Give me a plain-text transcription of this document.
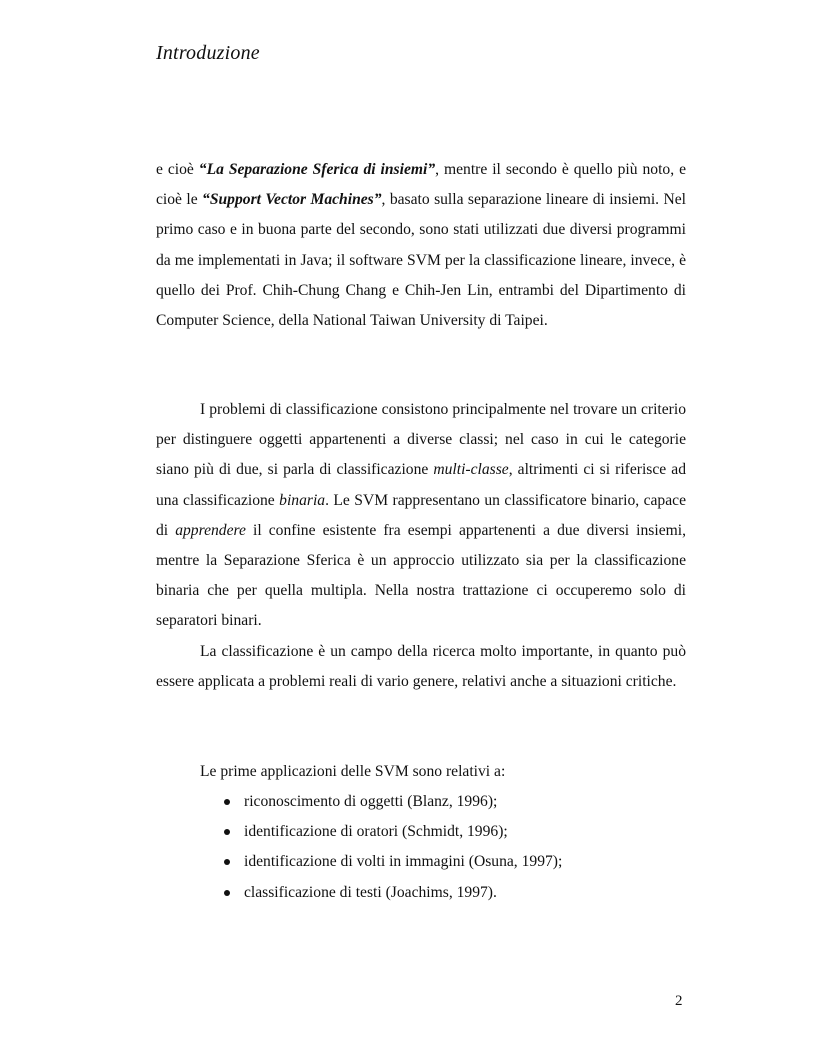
Introduzione

e cioè “La Separazione Sferica di insiemi”, mentre il secondo è quello più noto, e cioè le “Support Vector Machines”, basato sulla separazione lineare di insiemi. Nel primo caso e in buona parte del secondo, sono stati utilizzati due diversi programmi da me implementati in Java; il software SVM per la classificazione lineare, invece, è quello dei Prof. Chih-Chung Chang e Chih-Jen Lin, entrambi del Dipartimento di Computer Science, della National Taiwan University di Taipei.

I problemi di classificazione consistono principalmente nel trovare un criterio per distinguere oggetti appartenenti a diverse classi; nel caso in cui le categorie siano più di due, si parla di classificazione multi-classe, altrimenti ci si riferisce ad una classificazione binaria. Le SVM rappresentano un classificatore binario, capace di apprendere il confine esistente fra esempi appartenenti a due diversi insiemi, mentre la Separazione Sferica è un approccio utilizzato sia per la classificazione binaria che per quella multipla. Nella nostra trattazione ci occuperemo solo di separatori binari.

La classificazione è un campo della ricerca molto importante, in quanto può essere applicata a problemi reali di vario genere, relativi anche a situazioni critiche.

Le prime applicazioni delle SVM sono relativi a:

riconoscimento di oggetti (Blanz, 1996);
identificazione di oratori (Schmidt, 1996);
identificazione di volti in immagini (Osuna, 1997);
classificazione di testi (Joachims, 1997).
2
